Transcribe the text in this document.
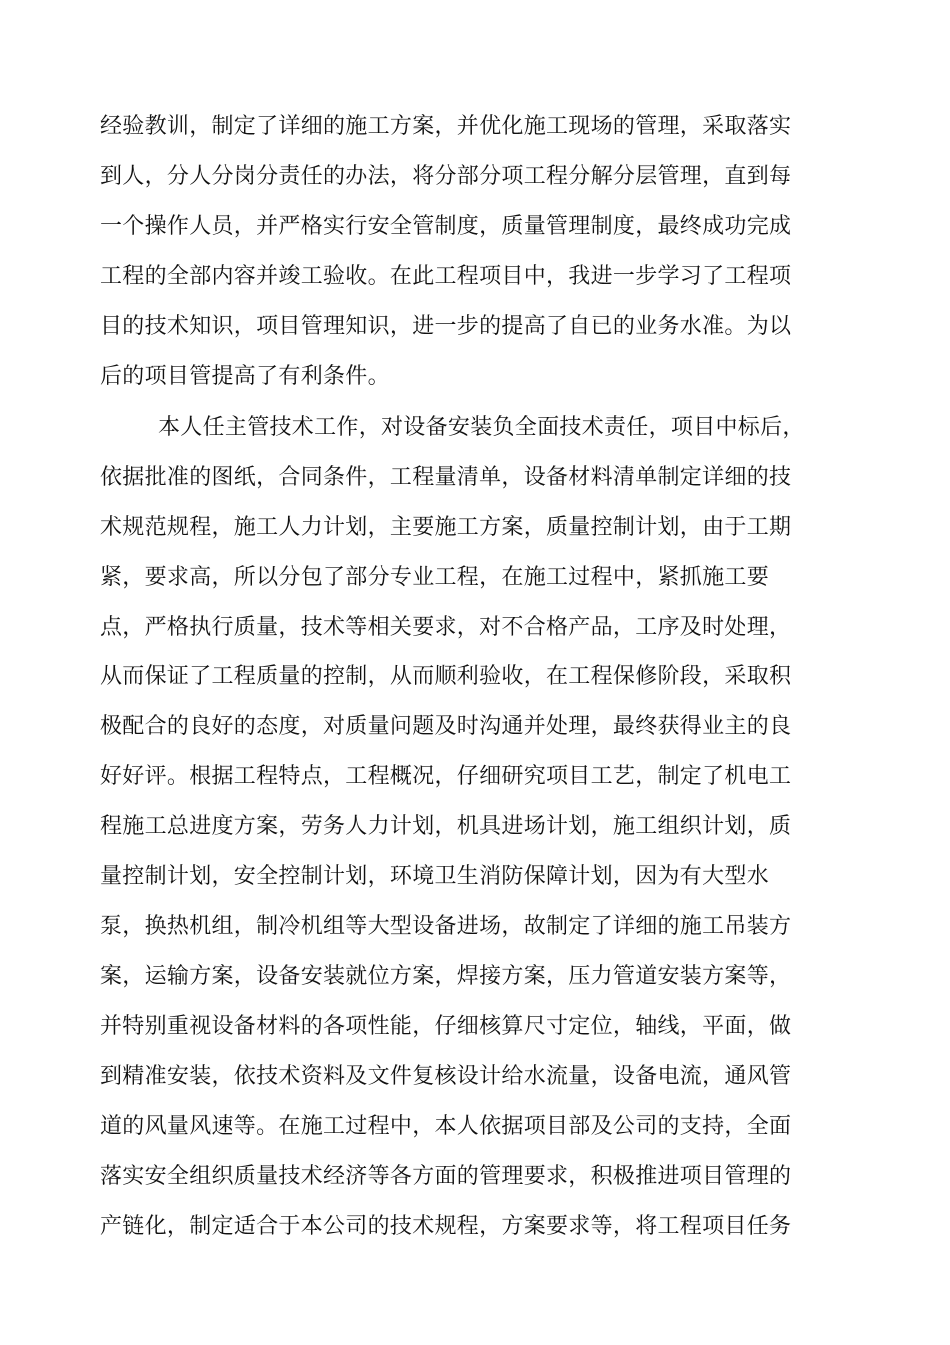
经验教训，制定了详细的施工方案，并优化施工现场的管理，采取落实
到人，分人分岗分责任的办法，将分部分项工程分解分层管理，直到每
一个操作人员，并严格实行安全管制度，质量管理制度，最终成功完成
工程的全部内容并竣工验收。在此工程项目中，我进一步学习了工程项
目的技术知识，项目管理知识，进一步的提高了自已的业务水准。为以
后的项目管提高了有利条件。
本人任主管技术工作，对设备安装负全面技术责任，项目中标后，
依据批准的图纸，合同条件，工程量清单，设备材料清单制定详细的技
术规范规程，施工人力计划，主要施工方案，质量控制计划，由于工期
紧，要求高，所以分包了部分专业工程，在施工过程中，紧抓施工要
点，严格执行质量，技术等相关要求，对不合格产品，工序及时处理，
从而保证了工程质量的控制，从而顺利验收，在工程保修阶段，采取积
极配合的良好的态度，对质量问题及时沟通并处理，最终获得业主的良
好好评。根据工程特点，工程概况，仔细研究项目工艺，制定了机电工
程施工总进度方案，劳务人力计划，机具进场计划，施工组织计划，质
量控制计划，安全控制计划，环境卫生消防保障计划，因为有大型水
泵，换热机组，制冷机组等大型设备进场，故制定了详细的施工吊装方
案，运输方案，设备安装就位方案，焊接方案，压力管道安装方案等，
并特别重视设备材料的各项性能，仔细核算尺寸定位，轴线，平面，做
到精准安装，依技术资料及文件复核设计给水流量，设备电流，通风管
道的风量风速等。在施工过程中，本人依据项目部及公司的支持，全面
落实安全组织质量技术经济等各方面的管理要求，积极推进项目管理的
产链化，制定适合于本公司的技术规程，方案要求等，将工程项目任务
